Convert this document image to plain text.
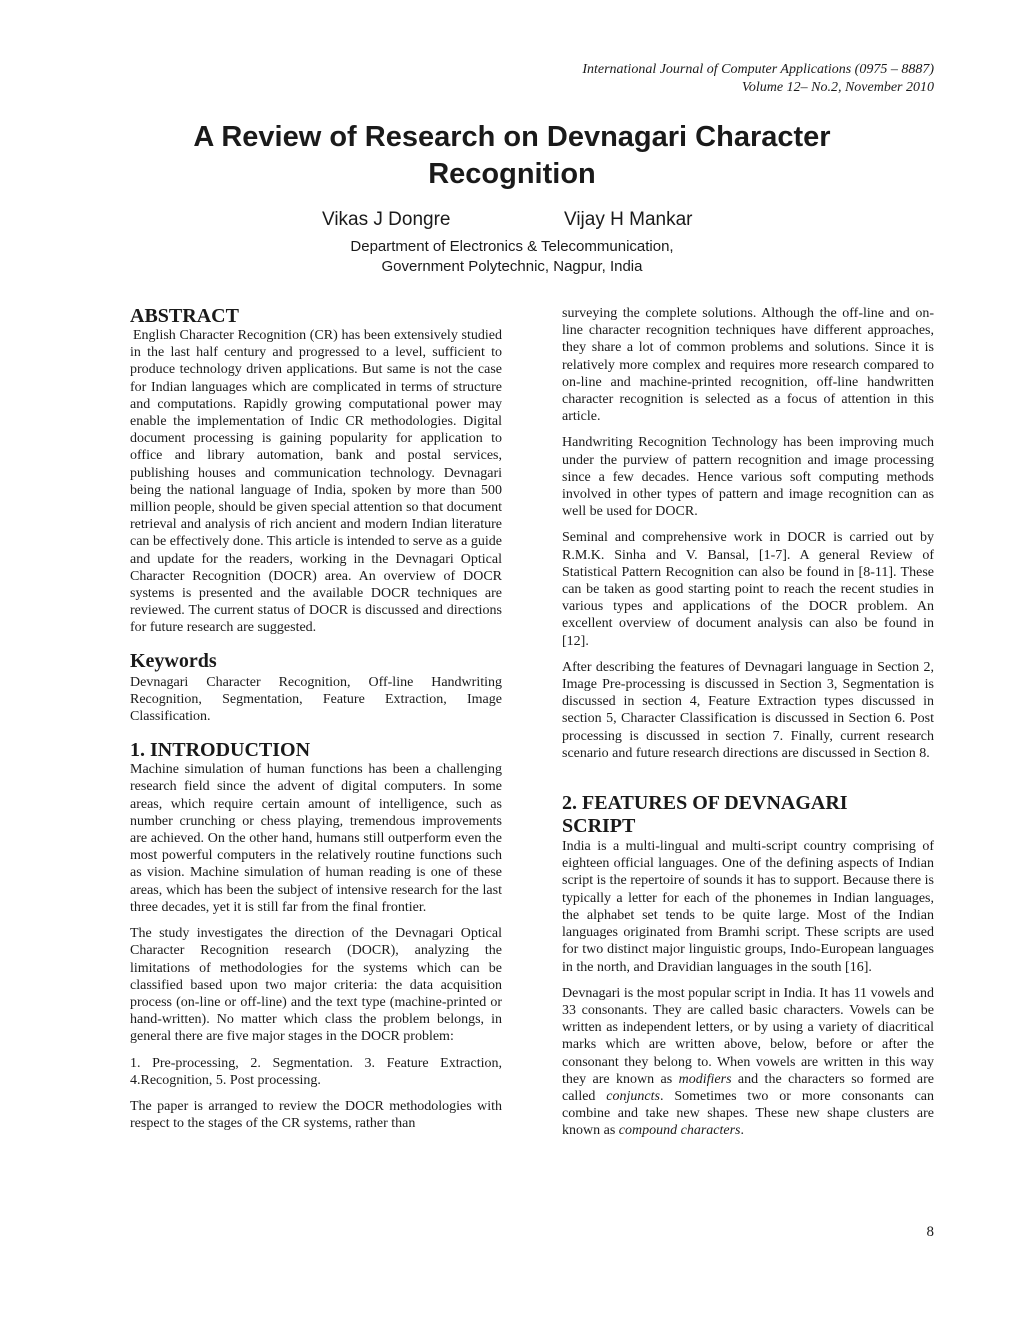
International Journal of Computer Applications (0975 – 8887)
Volume 12– No.2, November 2010
A Review of Research on Devnagari Character
Recognition
Vikas J Dongre	Vijay H Mankar
Department of Electronics & Telecommunication,
Government Polytechnic, Nagpur, India
ABSTRACT

English Character Recognition (CR) has been extensively studied in the last half century and progressed to a level, sufficient to produce technology driven applications. But same is not the case for Indian languages which are complicated in terms of structure and computations. Rapidly growing computational power may enable the implementation of Indic CR methodologies. Digital document processing is gaining popularity for application to office and library automation, bank and postal services, publishing houses and communication technology. Devnagari being the national language of India, spoken by more than 500 million people, should be given special attention so that document retrieval and analysis of rich ancient and modern Indian literature can be effectively done. This article is intended to serve as a guide and update for the readers, working in the Devnagari Optical Character Recognition (DOCR) area. An overview of DOCR systems is presented and the available DOCR techniques are reviewed. The current status of DOCR is discussed and directions for future research are suggested.

Keywords

Devnagari Character Recognition, Off-line Handwriting Recognition, Segmentation, Feature Extraction, Image Classification.

1. INTRODUCTION

Machine simulation of human functions has been a challenging research field since the advent of digital computers. In some areas, which require certain amount of intelligence, such as number crunching or chess playing, tremendous improvements are achieved. On the other hand, humans still outperform even the most powerful computers in the relatively routine functions such as vision. Machine simulation of human reading is one of these areas, which has been the subject of intensive research for the last three decades, yet it is still far from the final frontier.

The study investigates the direction of the Devnagari Optical Character Recognition research (DOCR), analyzing the limitations of methodologies for the systems which can be classified based upon two major criteria: the data acquisition process (on-line or off-line) and the text type (machine-printed or hand-written). No matter which class the problem belongs, in general there are five major stages in the DOCR problem:

1. Pre-processing, 2. Segmentation. 3. Feature Extraction, 4.Recognition, 5. Post processing.

The paper is arranged to review the DOCR methodologies with respect to the stages of the CR systems, rather than

surveying the complete solutions. Although the off-line and on-line character recognition techniques have different approaches, they share a lot of common problems and solutions. Since it is relatively more complex and requires more research compared to on-line and machine-printed recognition, off-line handwritten character recognition is selected as a focus of attention in this article.

Handwriting Recognition Technology has been improving much under the purview of pattern recognition and image processing since a few decades. Hence various soft computing methods involved in other types of pattern and image recognition can as well be used for DOCR.

Seminal and comprehensive work in DOCR is carried out by R.M.K. Sinha and V. Bansal, [1-7]. A general Review of Statistical Pattern Recognition can also be found in [8-11]. These can be taken as good starting point to reach the recent studies in various types and applications of the DOCR problem. An excellent overview of document analysis can also be found in [12].

After describing the features of Devnagari language in Section 2, Image Pre-processing is discussed in Section 3, Segmentation is discussed in section 4, Feature Extraction types discussed in section 5, Character Classification is discussed in Section 6. Post processing is discussed in section 7. Finally, current research scenario and future research directions are discussed in Section 8.

2. FEATURES OF DEVNAGARI SCRIPT

India is a multi-lingual and multi-script country comprising of eighteen official languages. One of the defining aspects of Indian script is the repertoire of sounds it has to support. Because there is typically a letter for each of the phonemes in Indian languages, the alphabet set tends to be quite large. Most of the Indian languages originated from Bramhi script. These scripts are used for two distinct major linguistic groups, Indo-European languages in the north, and Dravidian languages in the south [16].

Devnagari is the most popular script in India. It has 11 vowels and 33 consonants. They are called basic characters. Vowels can be written as independent letters, or by using a variety of diacritical marks which are written above, below, before or after the consonant they belong to. When vowels are written in this way they are known as modifiers and the characters so formed are called conjuncts. Sometimes two or more consonants can combine and take new shapes. These new shape clusters are known as compound characters.

8
